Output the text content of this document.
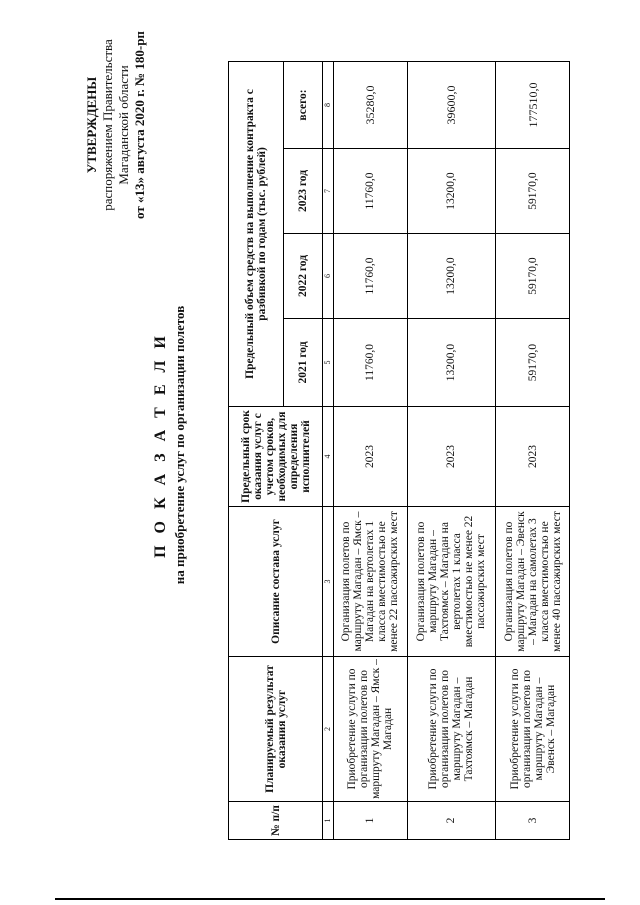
УТВЕРЖДЕНЫ распоряжением Правительства Магаданской области от «13» августа 2020 г. № 180-рп
П О К А З А Т Е Л И на приобретение услуг по организации полетов
№ п/п	Планируемый результат оказания услуг	Описание состава услуг	Предельный срок оказания услуг с учетом сроков, необходимых для определения исполнителей	Предельный объем средств на выполнение контракта с разбивкой по годам (тыс. рублей)			
				2021 год	2022 год	2023 год	всего:
1	2	3	4	5	6	7	8
1	Приобретение услуги по организации полетов по маршруту Магадан – Ямск – Магадан	Организация полетов по маршруту Магадан – Ямск – Магадан на вертолетах 1 класса вместимостью не менее 22 пассажирских мест	2023	11760,0	11760,0	11760,0	35280,0
2	Приобретение услуги по организации полетов по маршруту Магадан – Тахтоямск – Магадан	Организация полетов по маршруту Магадан – Тахтоямск – Магадан на вертолетах 1 класса вместимостью не менее 22 пассажирских мест	2023	13200,0	13200,0	13200,0	39600,0
3	Приобретение услуги по организации полетов по маршруту Магадан – Эвенск – Магадан	Организация полетов по маршруту Магадан – Эвенск – Магадан на самолетах 3 класса вместимостью не менее 40 пассажирских мест	2023	59170,0	59170,0	59170,0	177510,0
